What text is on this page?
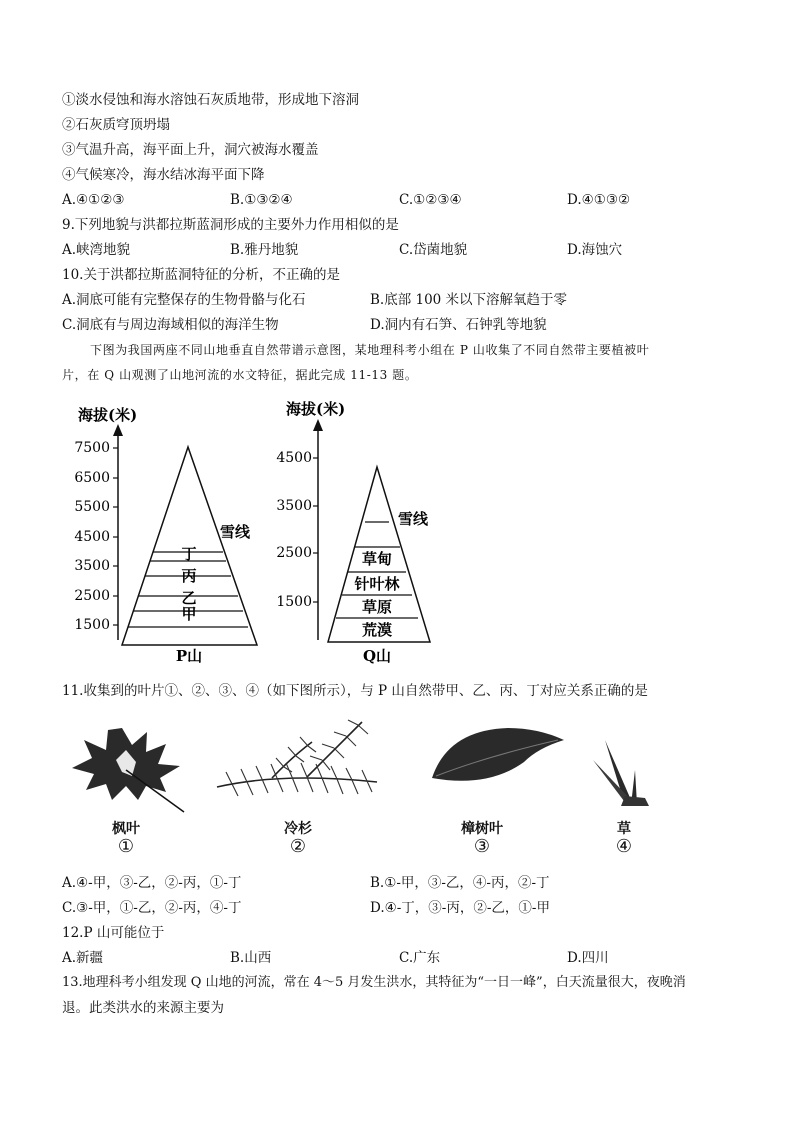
①淡水侵蚀和海水溶蚀石灰质地带，形成地下溶洞
②石灰质穹顶坍塌
③气温升高，海平面上升，洞穴被海水覆盖
④气候寒冷，海水结冰海平面下降
A.④①②③	B.①③②④	C.①②③④	D.④①③②
9.下列地貌与洪都拉斯蓝洞形成的主要外力作用相似的是
A.峡湾地貌	B.雅丹地貌	C.岱菌地貌	D.海蚀穴
10.关于洪都拉斯蓝洞特征的分析，不正确的是
A.洞底可能有完整保存的生物骨骼与化石	B.底部 100 米以下溶解氧趋于零
C.洞底有与周边海域相似的海洋生物	D.洞内有石笋、石钟乳等地貌
下图为我国两座不同山地垂直自然带谱示意图，某地理科考小组在 P 山收集了不同自然带主要植被叶
片，在 Q 山观测了山地河流的水文特征，据此完成 11-13 题。
海拔(米)
7500
6500
5500
4500
3500
2500
1500
雪线
丁
丙
乙
甲
P山
海拔(米)
4500
3500
2500
1500
雪线
草甸
针叶林
草原
荒漠
Q山
11.收集到的叶片①、②、③、④（如下图所示），与 P 山自然带甲、乙、丙、丁对应关系正确的是
枫叶
①
冷杉
②
樟树叶
③
草
④
A.④-甲，③-乙，②-丙，①-丁	B.①-甲，③-乙，④-丙，②-丁
C.③-甲，①-乙，②-丙，④-丁	D.④-丁，③-丙，②-乙，①-甲
12.P 山可能位于
A.新疆	B.山西	C.广东	D.四川
13.地理科考小组发现 Q 山地的河流，常在 4～5 月发生洪水，其特征为“一日一峰”，白天流量很大，夜晚消
退。此类洪水的来源主要为
